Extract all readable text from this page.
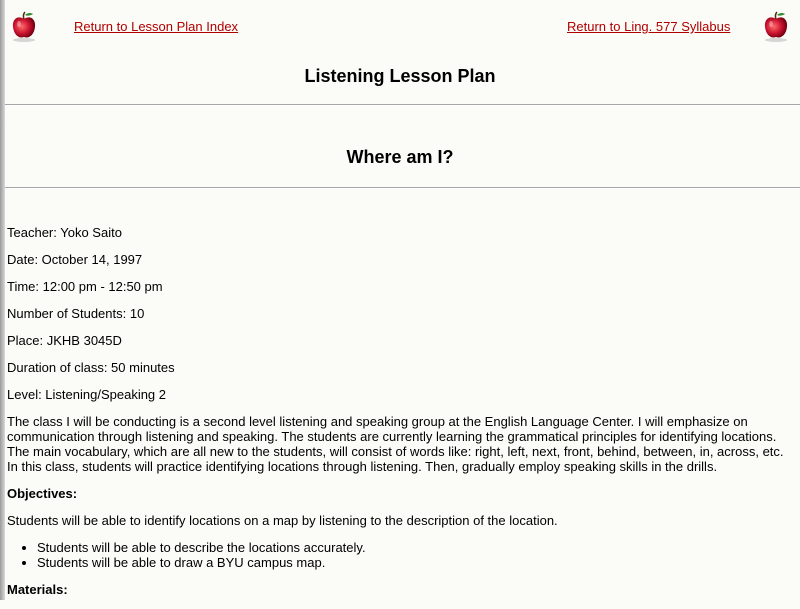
Return to Lesson Plan Index	Return to Ling. 577 Syllabus
Listening Lesson Plan
Where am I?

Teacher: Yoko Saito

Date: October 14, 1997

Time: 12:00 pm - 12:50 pm

Number of Students: 10

Place: JKHB 3045D

Duration of class: 50 minutes

Level: Listening/Speaking 2

The class I will be conducting is a second level listening and speaking group at the English Language Center. I will emphasize on communication through listening and speaking. The students are currently learning the grammatical principles for identifying locations. The main vocabulary, which are all new to the students, will consist of words like: right, left, next, front, behind, between, in, across, etc. In this class, students will practice identifying locations through listening. Then, gradually employ speaking skills in the drills.

Objectives:

Students will be able to identify locations on a map by listening to the description of the location.

• Students will be able to describe the locations accurately.
• Students will be able to draw a BYU campus map.
Materials:
